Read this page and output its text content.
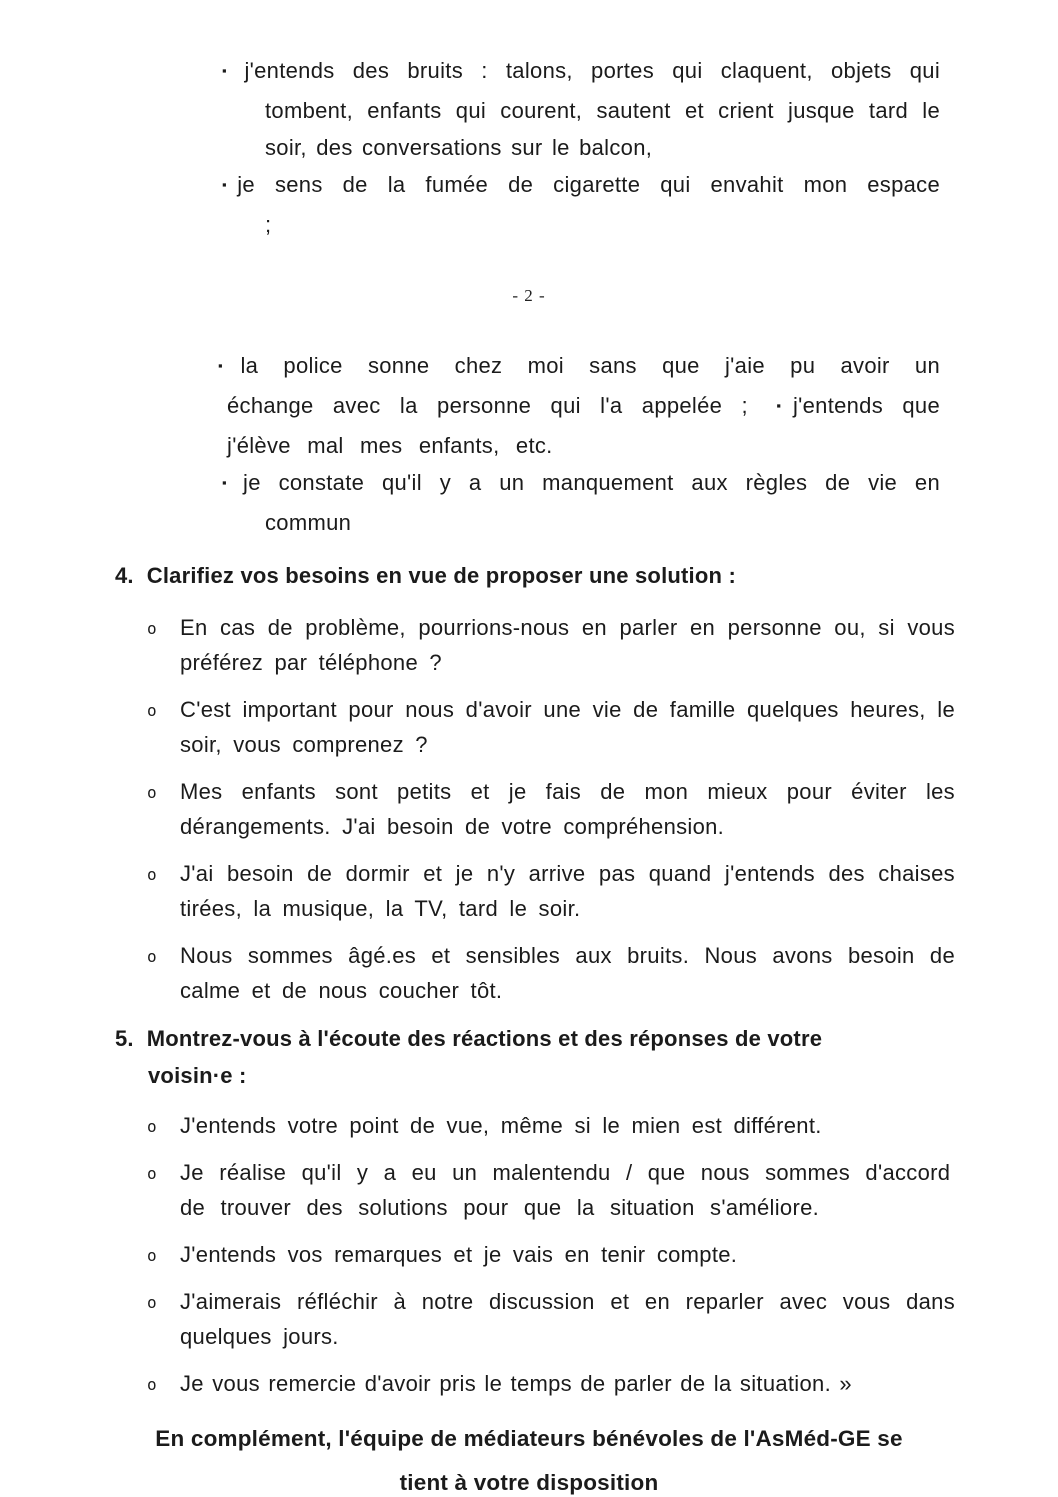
▪ j'entends des bruits : talons, portes qui claquent, objets qui tombent, enfants qui courent, sautent et crient jusque tard le soir, des conversations sur le balcon,

▪ je sens de la fumée de cigarette qui envahit mon espace ;

- 2 -

▪ la police sonne chez moi sans que j'aie pu avoir un échange avec la personne qui l'a appelée ; ▪ j'entends que j'élève mal mes enfants, etc.

▪ je constate qu'il y a un manquement aux règles de vie en commun

4. Clarifiez vos besoins en vue de proposer une solution :
o En cas de problème, pourrions-nous en parler en personne ou, si vous préférez par téléphone ?
o C'est important pour nous d'avoir une vie de famille quelques heures, le soir, vous comprenez ?
o Mes enfants sont petits et je fais de mon mieux pour éviter les dérangements. J'ai besoin de votre compréhension.
o J'ai besoin de dormir et je n'y arrive pas quand j'entends des chaises tirées, la musique, la TV, tard le soir.
o Nous sommes âgé.es et sensibles aux bruits. Nous avons besoin de calme et de nous coucher tôt.
5. Montrez-vous à l'écoute des réactions et des réponses de votre voisin·e :
o J'entends votre point de vue, même si le mien est différent.
o Je réalise qu'il y a eu un malentendu / que nous sommes d'accord de trouver des solutions pour que la situation s'améliore.
o J'entends vos remarques et je vais en tenir compte.
o J'aimerais réfléchir à notre discussion et en reparler avec vous dans quelques jours.
o Je vous remercie d'avoir pris le temps de parler de la situation. »
En complément, l'équipe de médiateurs bénévoles de l'AsMéd-GE se
tient à votre disposition
